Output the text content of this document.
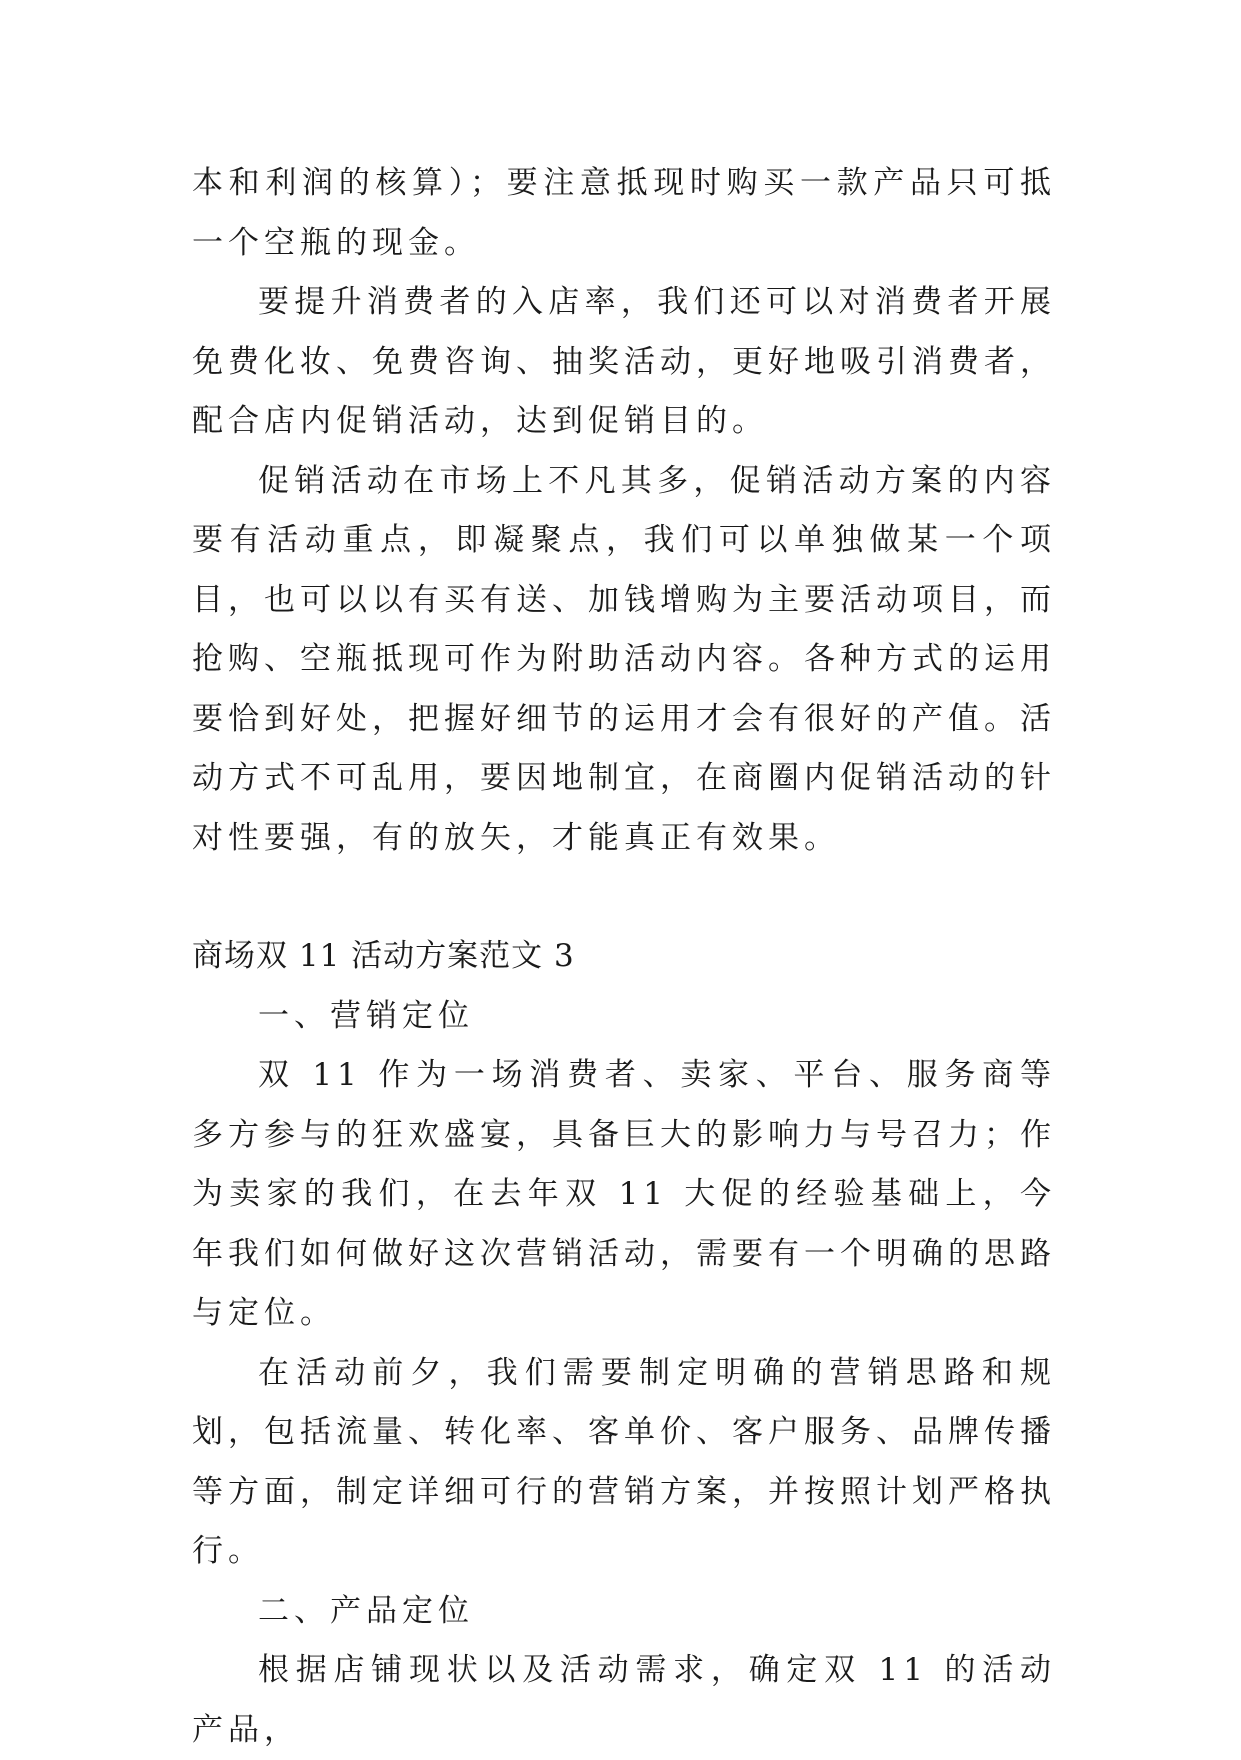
本和利润的核算）；要注意抵现时购买一款产品只可抵一个空瓶的现金。

要提升消费者的入店率，我们还可以对消费者开展免费化妆、免费咨询、抽奖活动，更好地吸引消费者，配合店内促销活动，达到促销目的。

促销活动在市场上不凡其多，促销活动方案的内容要有活动重点，即凝聚点，我们可以单独做某一个项目，也可以以有买有送、加钱增购为主要活动项目，而抢购、空瓶抵现可作为附助活动内容。各种方式的运用要恰到好处，把握好细节的运用才会有很好的产值。活动方式不可乱用，要因地制宜，在商圈内促销活动的针对性要强，有的放矢，才能真正有效果。

商场双 11 活动方案范文 3

一、营销定位

双 11 作为一场消费者、卖家、平台、服务商等多方参与的狂欢盛宴，具备巨大的影响力与号召力；作为卖家的我们，在去年双 11 大促的经验基础上，今年我们如何做好这次营销活动，需要有一个明确的思路与定位。

在活动前夕，我们需要制定明确的营销思路和规划，包括流量、转化率、客单价、客户服务、品牌传播等方面，制定详细可行的营销方案，并按照计划严格执行。

二、产品定位

根据店铺现状以及活动需求，确定双 11 的活动产品，
